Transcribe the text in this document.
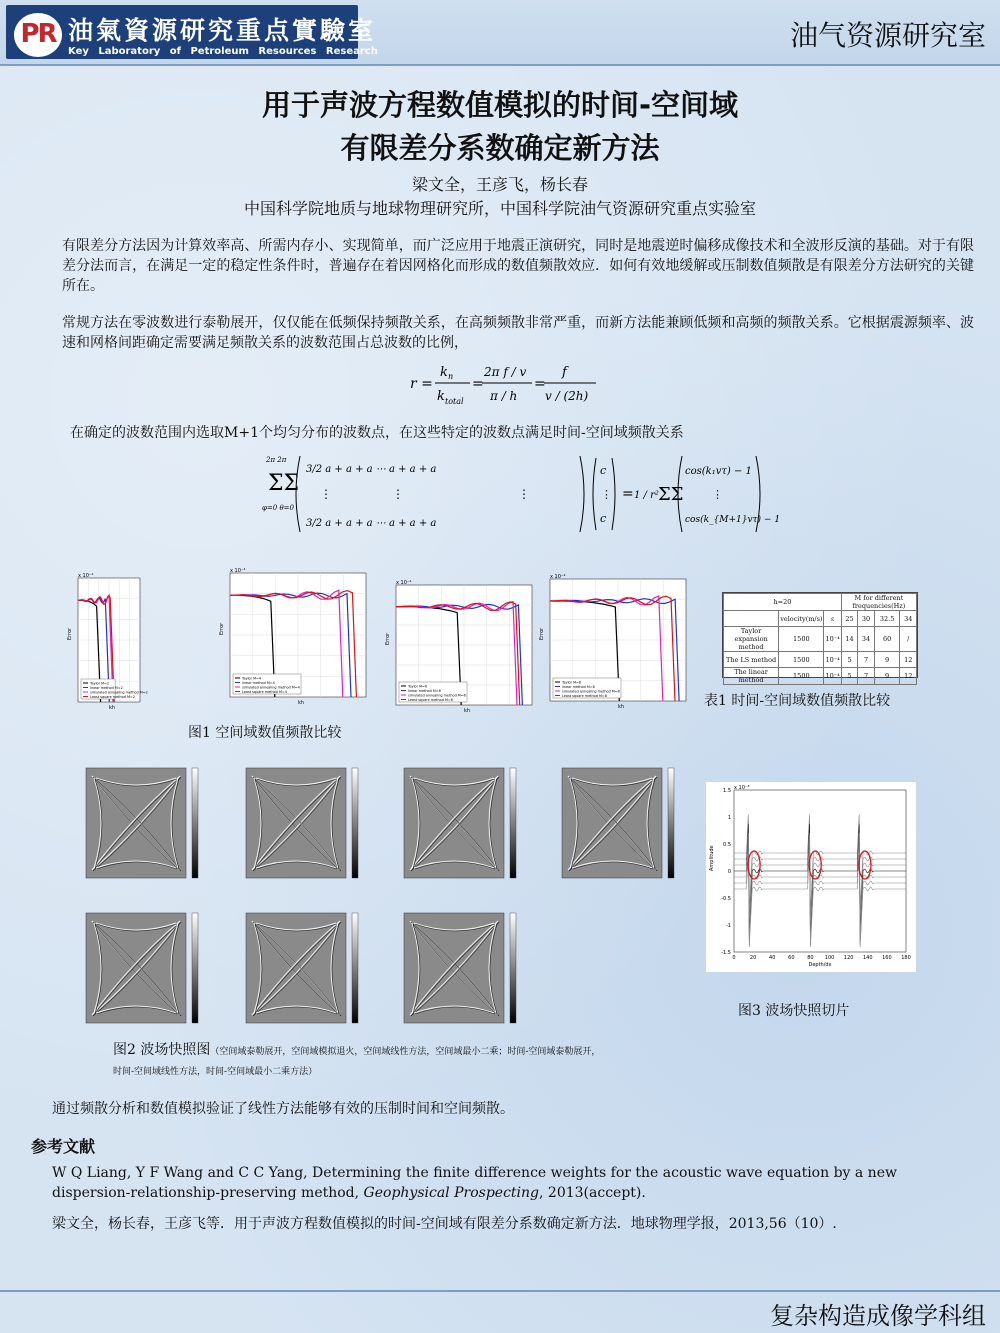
PR 油氣資源研究重点實驗室
Key Laboratory of Petroleum Resources Research	油气资源研究室
用于声波方程数值模拟的时间-空间域
有限差分系数确定新方法
梁文全，王彦飞，杨长春
中国科学院地质与地球物理研究所，中国科学院油气资源研究重点实验室
有限差分方法因为计算效率高、所需内存小、实现简单，而广泛应用于地震正演研究，同时是地震逆时偏移成像技术和全波形反演的基础。对于有限差分法而言，在满足一定的稳定性条件时，普遍存在着因网格化而形成的数值频散效应．如何有效地缓解或压制数值频散是有限差分方法研究的关键所在。
常规方法在零波数进行泰勒展开，仅仅能在低频保持频散关系，在高频频散非常严重，而新方法能兼顾低频和高频的频散关系。它根据震源频率、波速和网格间距确定需要满足频散关系的波数范围占总波数的比例，
r =
k n
k total
=
2π f / v
π / h
=
f
v / (2h)
在确定的波数范围内选取M+1个均匀分布的波数点，在这些特定的波数点满足时间-空间域频散关系
ΣΣ
2π 2π
φ=0 θ=0
3/2 a + a + a ⋯ a + a + a
⋮	⋮	⋮
3/2 a + a + a ⋯ a + a + a
c
⋮
c
= 1 / r² ΣΣ
cos(k₁vτ) − 1
⋮
cos(k_{M+1}vτ) − 1
x 10⁻⁴
Error
kh
Taylor M=2
linear method M=2
simulated annealing method M=2
Least square method M=2
x 10⁻⁴
Error
kh
Taylor M=4
linear method M=4
simulated annealing method M=4
Least square method M=4
x 10⁻⁴
Error
kh
Taylor M=6
linear method M=6
simulated annealing method M=6
Least square method M=6
x 10⁻⁴
Error
kh
Taylor M=8
linear method M=8
simulated annealing method M=8
Least square method M=8
h=20			M for different frequencies(Hz)			
	velocity(m/s)	ε	25	30	32.5	34
Taylor expansion method	1500	10⁻⁴	14	34	60	/
The LS method	1500	10⁻⁴	5	7	9	12
The linear method	1500	10⁻⁴	5	7	9	12
表1 时间-空间域数值频散比较
图1 空间域数值频散比较
x 10⁻³
1.5
1
0.5
0
-0.5
-1
-1.5
0	20	40	60	80 100 120 140 160 180
Amplitude
Depth/dx
图3 波场快照切片
图2 波场快照图（空间域泰勒展开，空间域模拟退火，空间域线性方法，空间域最小二乘；时间-空间域泰勒展开，时间-空间域线性方法，时间-空间域最小二乘方法）
通过频散分析和数值模拟验证了线性方法能够有效的压制时间和空间频散。
参考文献
W Q Liang, Y F Wang and C C Yang, Determining the finite difference weights for the acoustic wave equation by a new dispersion-relationship-preserving method, Geophysical Prospecting, 2013(accept).
梁文全，杨长春，王彦飞等．用于声波方程数值模拟的时间-空间域有限差分系数确定新方法．地球物理学报，2013,56（10）.
复杂构造成像学科组
